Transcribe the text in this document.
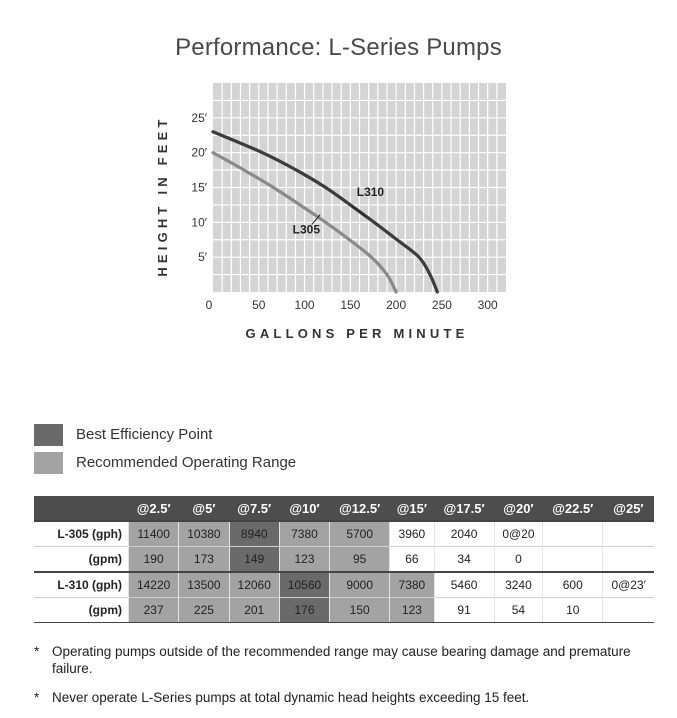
Performance: L-Series Pumps
0	50 100 150 200 250 300
5′
10′
15′
20′
25′
GALLONS PER MINUTE
HEIGHT IN FEET	L310
L305
Best Efficiency Point
Recommended Operating Range
	@2.5′	@5′	@7.5′	@10′	@12.5′	@15′	@17.5′	@20′	@22.5′	@25′
L-305 (gph)	11400	10380	8940	7380	5700	3960	2040	0@20		
(gpm)	190	173	149	123	95	66	34	0		
L-310 (gph)	14220	13500	12060	10560	9000	7380	5460	3240	600	0@23′
(gpm)	237	225	201	176	150	123	91	54	10	
* Operating pumps outside of the recommended range may cause bearing damage and premature failure.
* Never operate L-Series pumps at total dynamic head heights exceeding 15 feet.
